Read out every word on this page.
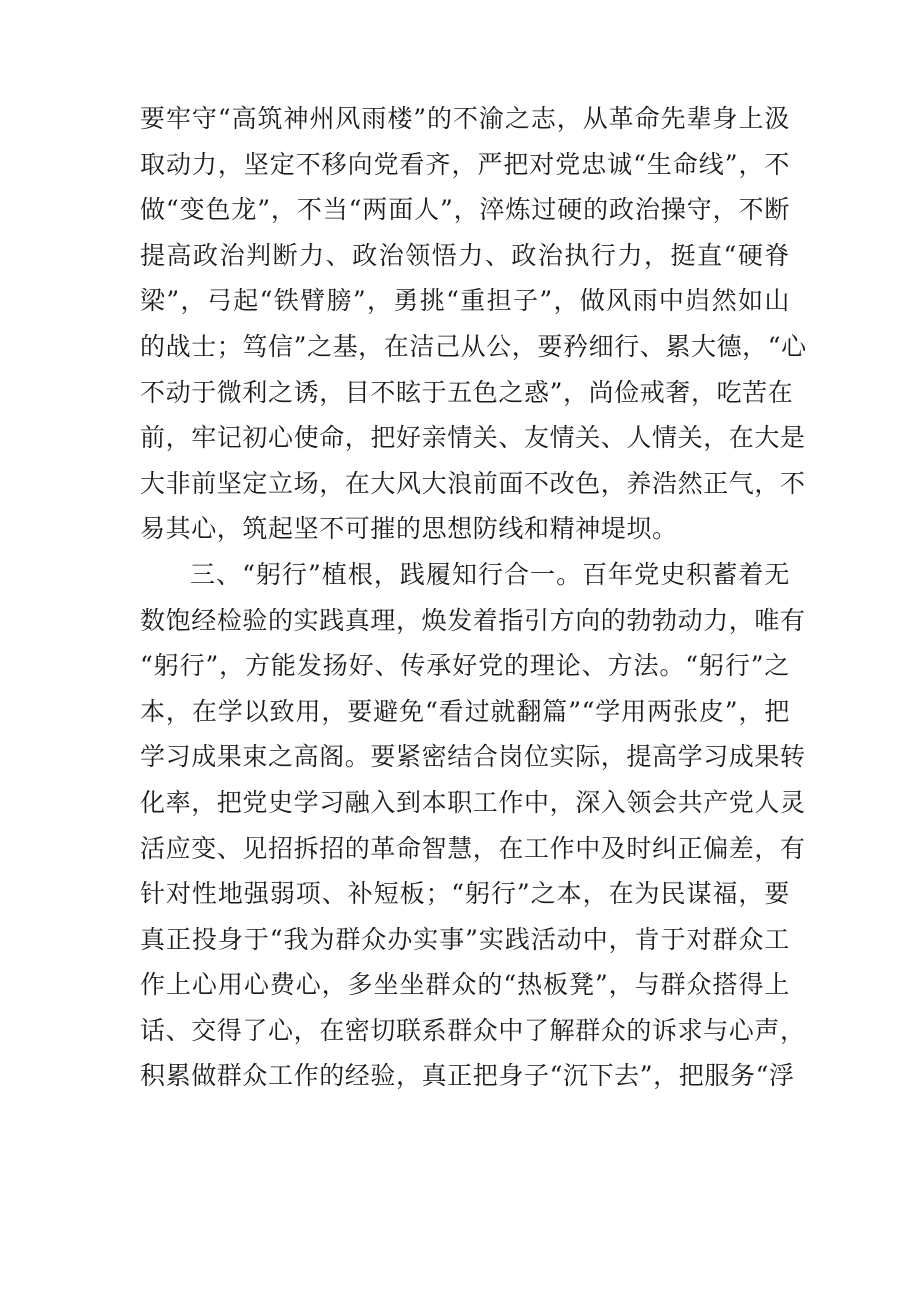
要牢守“高筑神州风雨楼”的不渝之志，从革命先辈身上汲
取动力，坚定不移向党看齐，严把对党忠诚“生命线”，不
做“变色龙”，不当“两面人”，淬炼过硬的政治操守，不断
提高政治判断力、政治领悟力、政治执行力，挺直“硬脊
梁”，弓起“铁臂膀”，勇挑“重担子”，做风雨中岿然如山
的战士；笃信”之基，在洁己从公，要矜细行、累大德，“心
不动于微利之诱，目不眩于五色之惑”，尚俭戒奢，吃苦在
前，牢记初心使命，把好亲情关、友情关、人情关，在大是
大非前坚定立场，在大风大浪前面不改色，养浩然正气，不
易其心，筑起坚不可摧的思想防线和精神堤坝。
三、“躬行”植根，践履知行合一。百年党史积蓄着无
数饱经检验的实践真理，焕发着指引方向的勃勃动力，唯有
“躬行”，方能发扬好、传承好党的理论、方法。“躬行”之
本，在学以致用，要避免“看过就翻篇”“学用两张皮”，把
学习成果束之高阁。要紧密结合岗位实际，提高学习成果转
化率，把党史学习融入到本职工作中，深入领会共产党人灵
活应变、见招拆招的革命智慧，在工作中及时纠正偏差，有
针对性地强弱项、补短板；“躬行”之本，在为民谋福，要
真正投身于“我为群众办实事”实践活动中，肯于对群众工
作上心用心费心，多坐坐群众的“热板凳”，与群众搭得上
话、交得了心，在密切联系群众中了解群众的诉求与心声，
积累做群众工作的经验，真正把身子“沉下去”，把服务“浮
